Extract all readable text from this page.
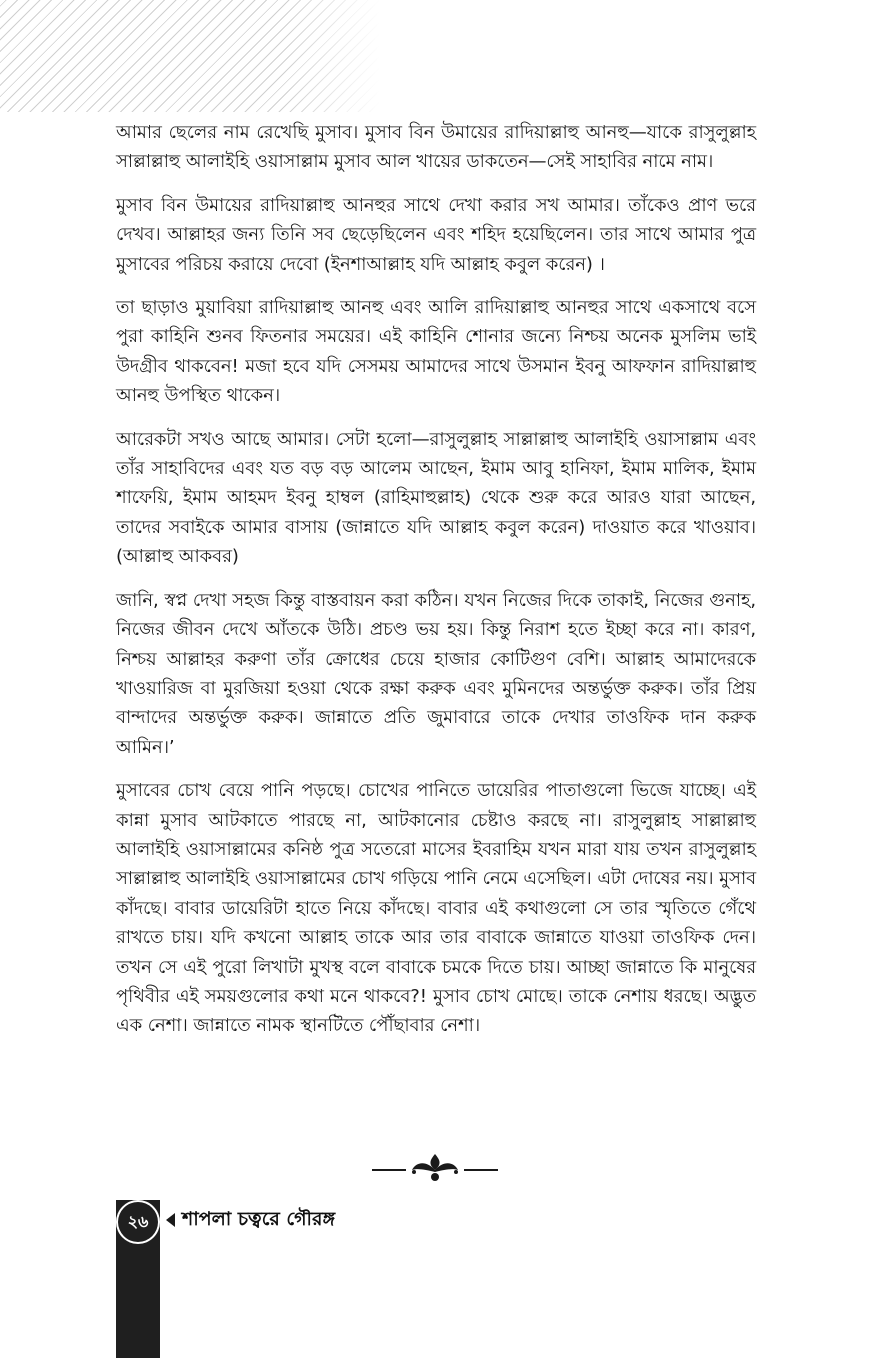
আমার ছেলের নাম রেখেছি মুসাব। মুসাব বিন উমায়ের রাদিয়াল্লাহু আনহু—যাকে রাসুলুল্লাহ সাল্লাল্লাহু আলাইহি ওয়াসাল্লাম মুসাব আল খায়ের ডাকতেন—সেই সাহাবির নামে নাম।

মুসাব বিন উমায়ের রাদিয়াল্লাহু আনহুর সাথে দেখা করার সখ আমার। তাঁকেও প্রাণ ভরে দেখব। আল্লাহর জন্য তিনি সব ছেড়েছিলেন এবং শহিদ হয়েছিলেন। তার সাথে আমার পুত্র মুসাবের পরিচয় করায়ে দেবো (ইনশাআল্লাহ যদি আল্লাহ কবুল করেন) ।

তা ছাড়াও মুয়াবিয়া রাদিয়াল্লাহু আনহু এবং আলি রাদিয়াল্লাহু আনহুর সাথে একসাথে বসে পুরা কাহিনি শুনব ফিতনার সময়ের। এই কাহিনি শোনার জন্যে নিশ্চয় অনেক মুসলিম ভাই উদগ্রীব থাকবেন! মজা হবে যদি সেসময় আমাদের সাথে উসমান ইবনু আফফান রাদিয়াল্লাহু আনহু উপস্থিত থাকেন।

আরেকটা সখও আছে আমার। সেটা হলো—রাসুলুল্লাহ সাল্লাল্লাহু আলাইহি ওয়াসাল্লাম এবং তাঁর সাহাবিদের এবং যত বড় বড় আলেম আছেন, ইমাম আবু হানিফা, ইমাম মালিক, ইমাম শাফেয়ি, ইমাম আহমদ ইবনু হাম্বল (রাহিমাহুল্লাহ) থেকে শুরু করে আরও যারা আছেন, তাদের সবাইকে আমার বাসায় (জান্নাতে যদি আল্লাহ কবুল করেন) দাওয়াত করে খাওয়াব। (আল্লাহু আকবর)

জানি, স্বপ্ন দেখা সহজ কিন্তু বাস্তবায়ন করা কঠিন। যখন নিজের দিকে তাকাই, নিজের গুনাহ, নিজের জীবন দেখে আঁতকে উঠি। প্রচণ্ড ভয় হয়। কিন্তু নিরাশ হতে ইচ্ছা করে না। কারণ, নিশ্চয় আল্লাহর করুণা তাঁর ক্রোধের চেয়ে হাজার কোটিগুণ বেশি। আল্লাহ আমাদেরকে খাওয়ারিজ বা মুরজিয়া হওয়া থেকে রক্ষা করুক এবং মুমিনদের অন্তর্ভুক্ত করুক। তাঁর প্রিয় বান্দাদের অন্তর্ভুক্ত করুক। জান্নাতে প্রতি জুমাবারে তাকে দেখার তাওফিক দান করুক আমিন।’

মুসাবের চোখ বেয়ে পানি পড়ছে। চোখের পানিতে ডায়েরির পাতাগুলো ভিজে যাচ্ছে। এই কান্না মুসাব আটকাতে পারছে না, আটকানোর চেষ্টাও করছে না। রাসুলুল্লাহ সাল্লাল্লাহু আলাইহি ওয়াসাল্লামের কনিষ্ঠ পুত্র সতেরো মাসের ইবরাহিম যখন মারা যায় তখন রাসুলুল্লাহ সাল্লাল্লাহু আলাইহি ওয়াসাল্লামের চোখ গড়িয়ে পানি নেমে এসেছিল। এটা দোষের নয়। মুসাব কাঁদছে। বাবার ডায়েরিটা হাতে নিয়ে কাঁদছে। বাবার এই কথাগুলো সে তার স্মৃতিতে গেঁথে রাখতে চায়। যদি কখনো আল্লাহ তাকে আর তার বাবাকে জান্নাতে যাওয়া তাওফিক দেন। তখন সে এই পুরো লিখাটা মুখস্থ বলে বাবাকে চমকে দিতে চায়। আচ্ছা জান্নাতে কি মানুষের পৃথিবীর এই সময়গুলোর কথা মনে থাকবে?! মুসাব চোখ মোছে। তাকে নেশায় ধরছে। অদ্ভুত এক নেশা। জান্নাতে নামক স্থানটিতে পৌঁছাবার নেশা।

২৬	শাপলা চত্বরে গৌরঙ্গ
